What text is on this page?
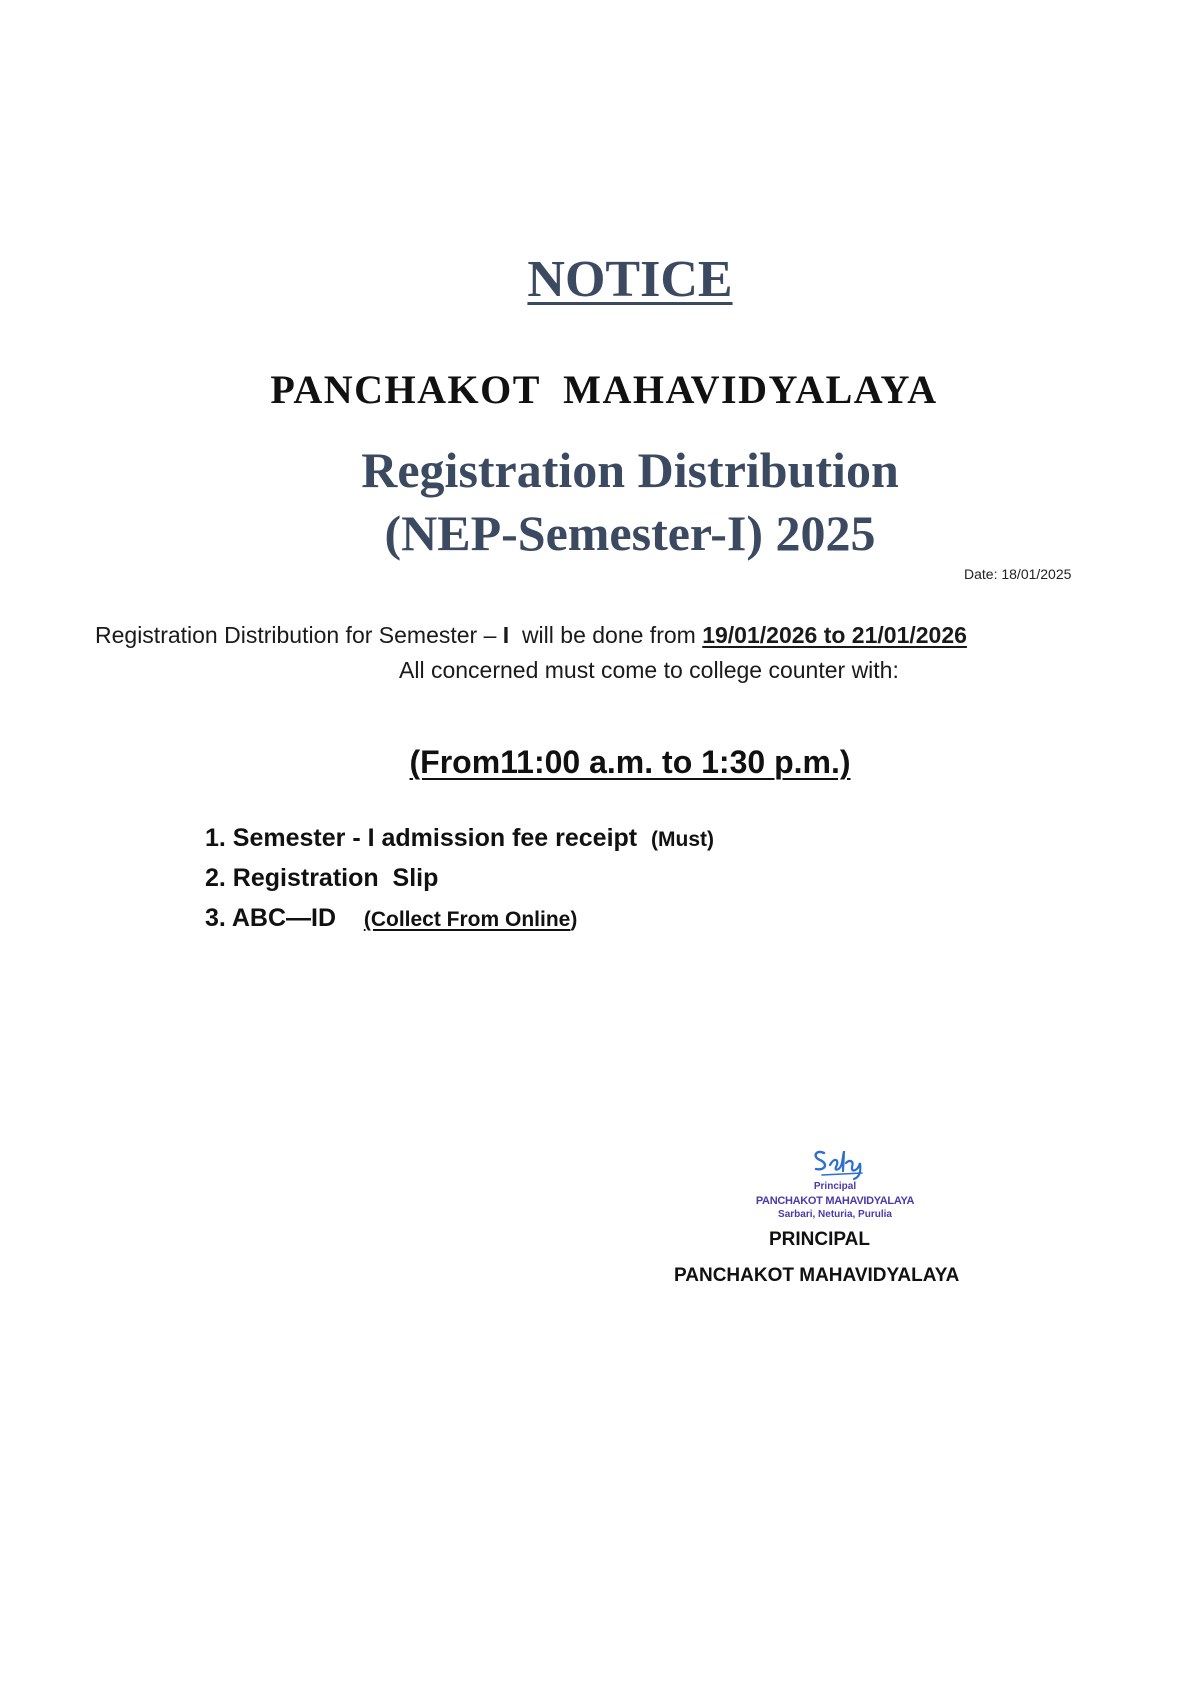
NOTICE
PANCHAKOT  MAHAVIDYALAYA
Registration Distribution
(NEP-Semester-I) 2025
Date: 18/01/2025
Registration Distribution for Semester – I  will be done from 19/01/2026 to 21/01/2026
All concerned must come to college counter with:
(From11:00 a.m. to 1:30 p.m.)
1. Semester - I admission fee receipt (Must)
2. Registration  Slip
3. ABC—ID (Collect From Online)
Principal
PANCHAKOT MAHAVIDYALAYA
Sarbari, Neturia, Purulia
PRINCIPAL
PANCHAKOT MAHAVIDYALAYA
